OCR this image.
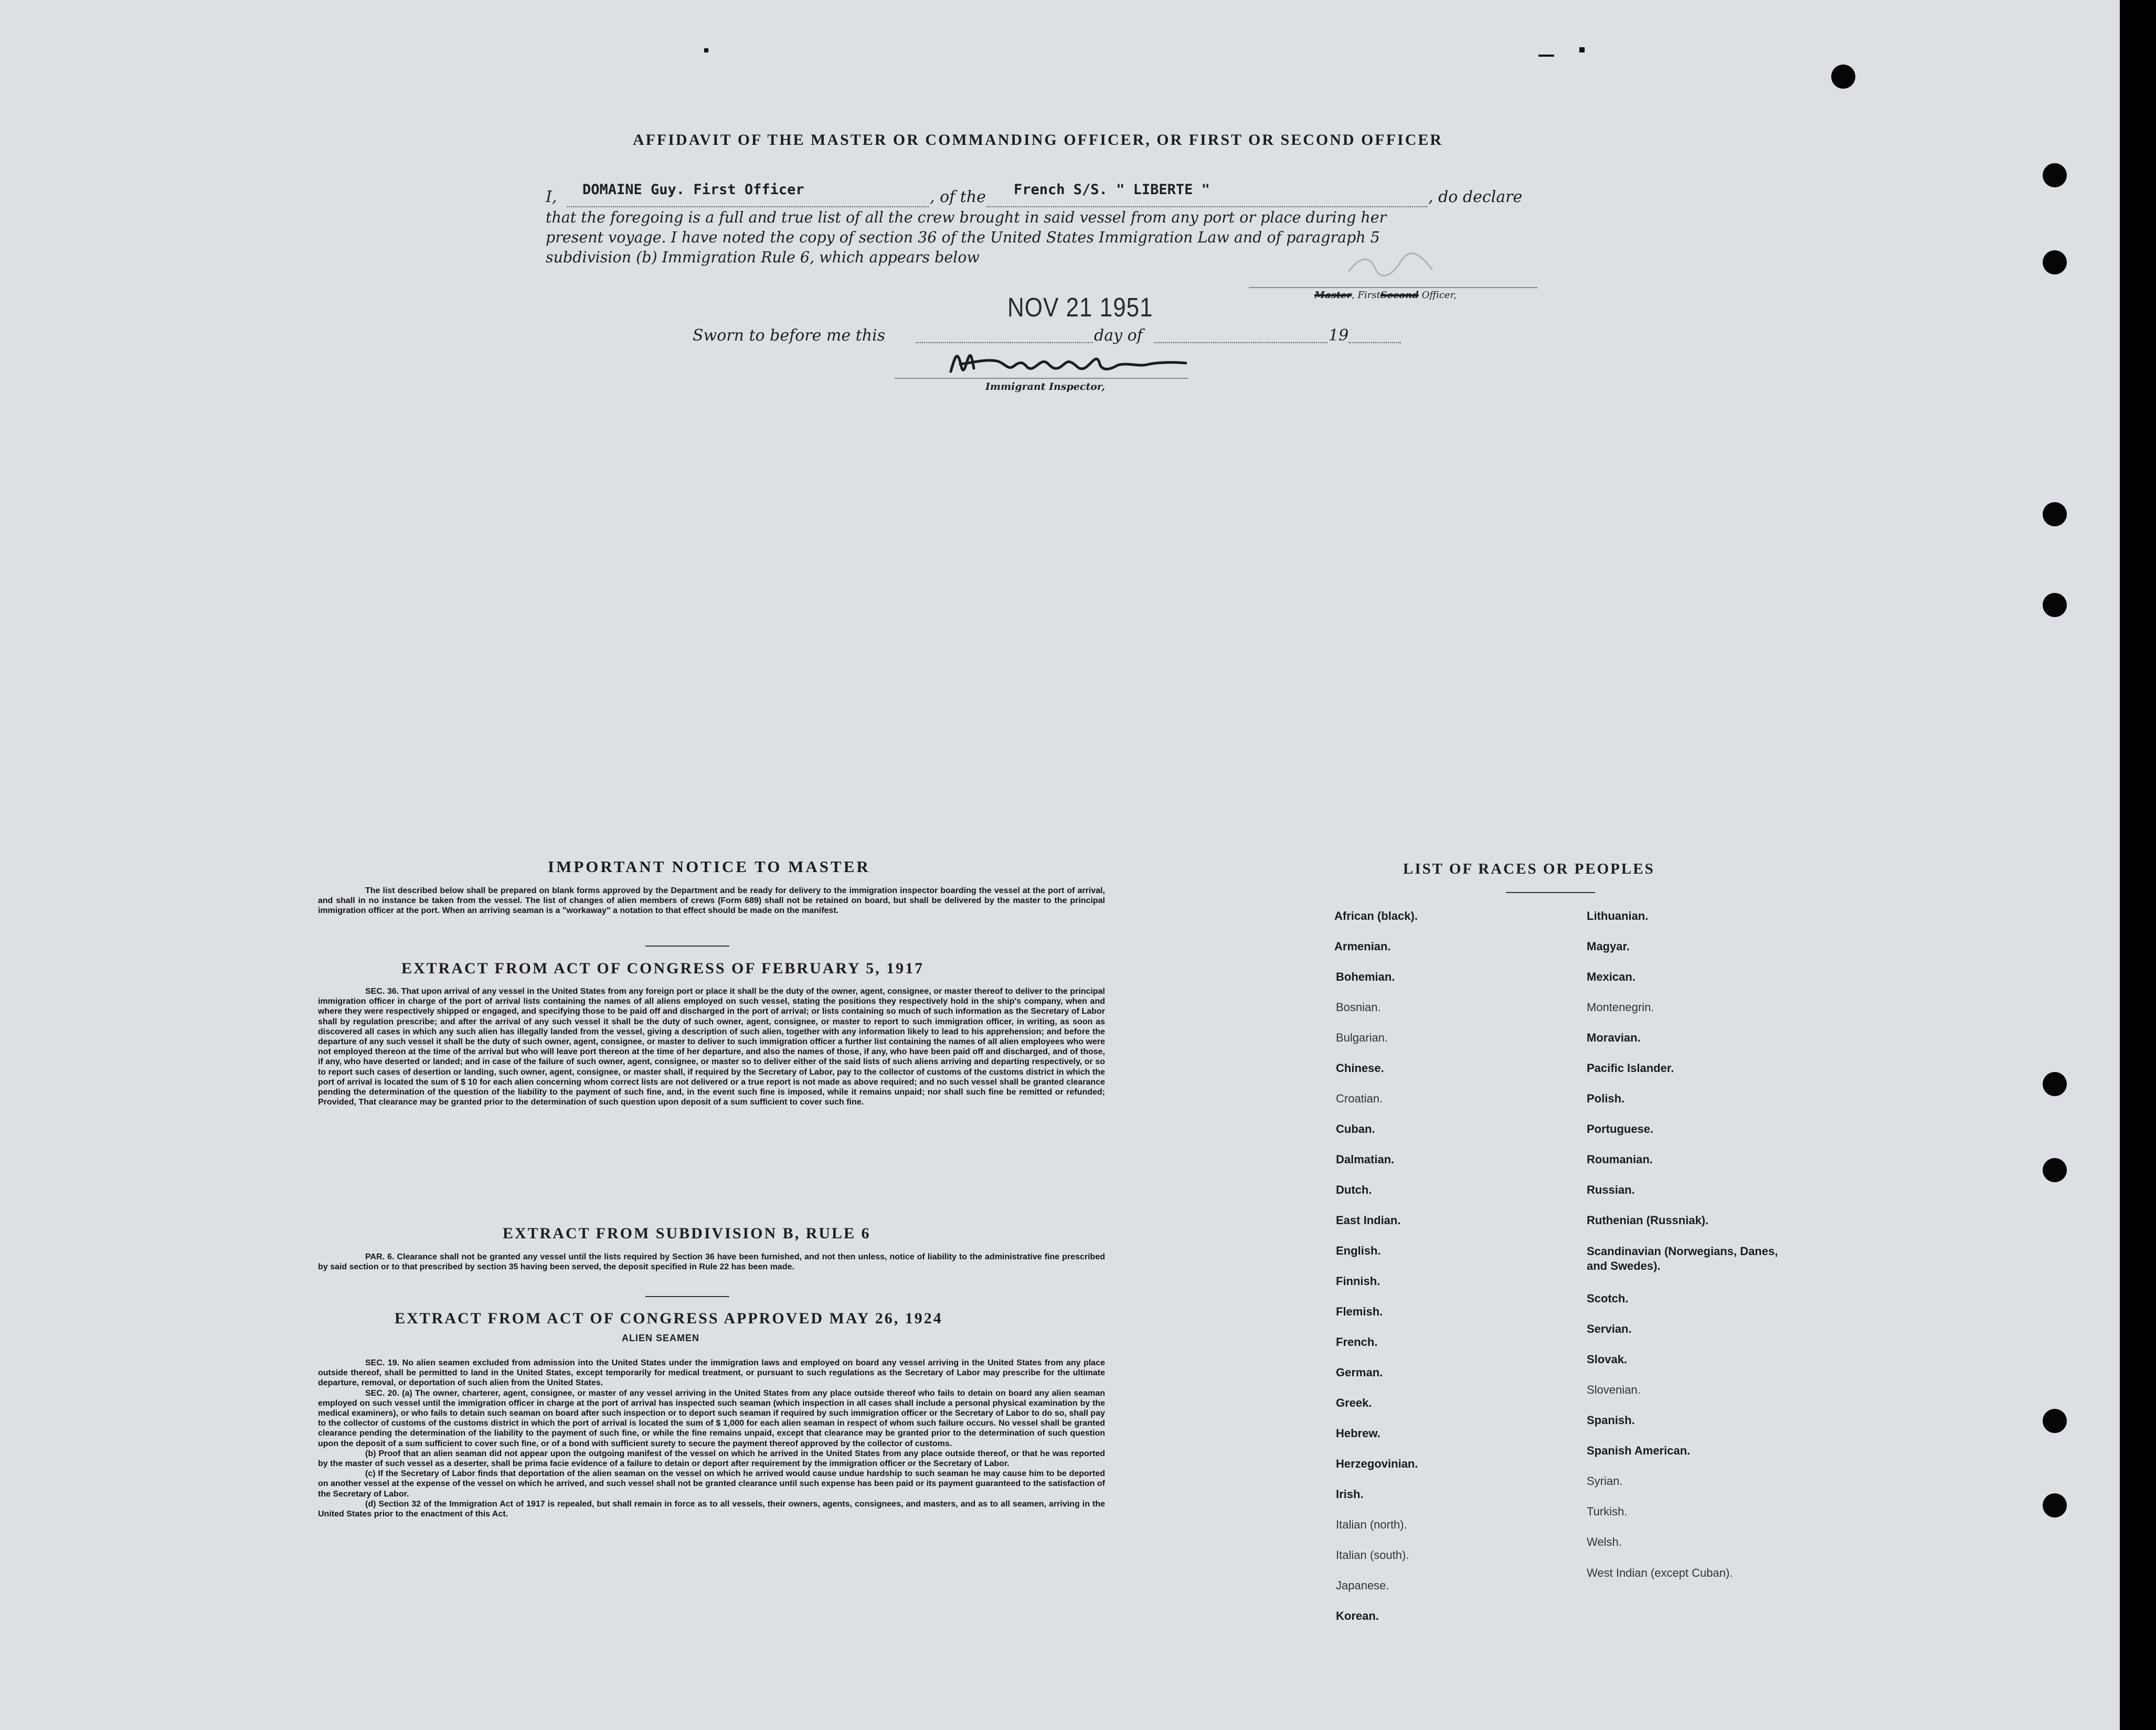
AFFIDAVIT OF THE MASTER OR COMMANDING OFFICER, OR FIRST OR SECOND OFFICER
I, DOMAINE Guy. First Officer	, of the French S/S. " LIBERTE "	, do declare
that the foregoing is a full and true list of all the crew brought in said vessel from any port or place during her
present voyage. I have noted the copy of section 36 of the United States Immigration Law and of paragraph 5
subdivision (b) Immigration Rule 6, which appears below
Master, FirstSecond Officer,
Sworn to before me this
NOV 21 1951
day of	19
Immigrant Inspector,
IMPORTANT NOTICE TO MASTER

The list described below shall be prepared on blank forms approved by the Department and be ready for delivery to the immigration inspector boarding the vessel at the port of arrival, and shall in no instance be taken from the vessel. The list of changes of alien members of crews (Form 689) shall not be retained on board, but shall be delivered by the master to the principal immigration officer at the port. When an arriving seaman is a "workaway" a notation to that effect should be made on the manifest.

EXTRACT FROM ACT OF CONGRESS OF FEBRUARY 5, 1917

SEC. 36. That upon arrival of any vessel in the United States from any foreign port or place it shall be the duty of the owner, agent, consignee, or master thereof to deliver to the principal immigration officer in charge of the port of arrival lists containing the names of all aliens employed on such vessel, stating the positions they respectively hold in the ship's company, when and where they were respectively shipped or engaged, and specifying those to be paid off and discharged in the port of arrival; or lists containing so much of such information as the Secretary of Labor shall by regulation prescribe; and after the arrival of any such vessel it shall be the duty of such owner, agent, consignee, or master to report to such immigration officer, in writing, as soon as discovered all cases in which any such alien has illegally landed from the vessel, giving a description of such alien, together with any information likely to lead to his apprehension; and before the departure of any such vessel it shall be the duty of such owner, agent, consignee, or master to deliver to such immigration officer a further list containing the names of all alien employees who were not employed thereon at the time of the arrival but who will leave port thereon at the time of her departure, and also the names of those, if any, who have been paid off and discharged, and of those, if any, who have deserted or landed; and in case of the failure of such owner, agent, consignee, or master so to deliver either of the said lists of such aliens arriving and departing respectively, or so to report such cases of desertion or landing, such owner, agent, consignee, or master shall, if required by the Secretary of Labor, pay to the collector of customs of the customs district in which the port of arrival is located the sum of $ 10 for each alien concerning whom correct lists are not delivered or a true report is not made as above required; and no such vessel shall be granted clearance pending the determination of the question of the liability to the payment of such fine, and, in the event such fine is imposed, while it remains unpaid; nor shall such fine be remitted or refunded; Provided, That clearance may be granted prior to the determination of such question upon deposit of a sum sufficient to cover such fine.

EXTRACT FROM SUBDIVISION B, RULE 6

PAR. 6. Clearance shall not be granted any vessel until the lists required by Section 36 have been furnished, and not then unless, notice of liability to the administrative fine prescribed by said section or to that prescribed by section 35 having been served, the deposit specified in Rule 22 has been made.

EXTRACT FROM ACT OF CONGRESS APPROVED MAY 26, 1924
ALIEN SEAMEN

SEC. 19. No alien seamen excluded from admission into the United States under the immigration laws and employed on board any vessel arriving in the United States from any place outside thereof, shall be permitted to land in the United States, except temporarily for medical treatment, or pursuant to such regulations as the Secretary of Labor may prescribe for the ultimate departure, removal, or deportation of such alien from the United States.

SEC. 20. (a) The owner, charterer, agent, consignee, or master of any vessel arriving in the United States from any place outside thereof who fails to detain on board any alien seaman employed on such vessel until the immigration officer in charge at the port of arrival has inspected such seaman (which inspection in all cases shall include a personal physical examination by the medical examiners), or who fails to detain such seaman on board after such inspection or to deport such seaman if required by such immigration officer or the Secretary of Labor to do so, shall pay to the collector of customs of the customs district in which the port of arrival is located the sum of $ 1,000 for each alien seaman in respect of whom such failure occurs. No vessel shall be granted clearance pending the determination of the liability to the payment of such fine, or while the fine remains unpaid, except that clearance may be granted prior to the determination of such question upon the deposit of a sum sufficient to cover such fine, or of a bond with sufficient surety to secure the payment thereof approved by the collector of customs.

(b) Proof that an alien seaman did not appear upon the outgoing manifest of the vessel on which he arrived in the United States from any place outside thereof, or that he was reported by the master of such vessel as a deserter, shall be prima facie evidence of a failure to detain or deport after requirement by the immigration officer or the Secretary of Labor.

(c) If the Secretary of Labor finds that deportation of the alien seaman on the vessel on which he arrived would cause undue hardship to such seaman he may cause him to be deported on another vessel at the expense of the vessel on which he arrived, and such vessel shall not be granted clearance until such expense has been paid or its payment guaranteed to the satisfaction of the Secretary of Labor.

(d) Section 32 of the Immigration Act of 1917 is repealed, but shall remain in force as to all vessels, their owners, agents, consignees, and masters, and as to all seamen, arriving in the United States prior to the enactment of this Act.

LIST OF RACES OR PEOPLES
African (black).
Armenian.
Bohemian.
Bosnian.
Bulgarian.
Chinese.
Croatian.
Cuban.
Dalmatian.
Dutch.
East Indian.
English.
Finnish.
Flemish.
French.
German.
Greek.
Hebrew.
Herzegovinian.
Irish.
Italian (north).
Italian (south).
Japanese.
Korean.
Lithuanian.
Magyar.
Mexican.
Montenegrin.
Moravian.
Pacific Islander.
Polish.
Portuguese.
Roumanian.
Russian.
Ruthenian (Russniak).
Scandinavian (Norwegians, Danes, and Swedes).
Scotch.
Servian.
Slovak.
Slovenian.
Spanish.
Spanish American.
Syrian.
Turkish.
Welsh.
West Indian (except Cuban).
